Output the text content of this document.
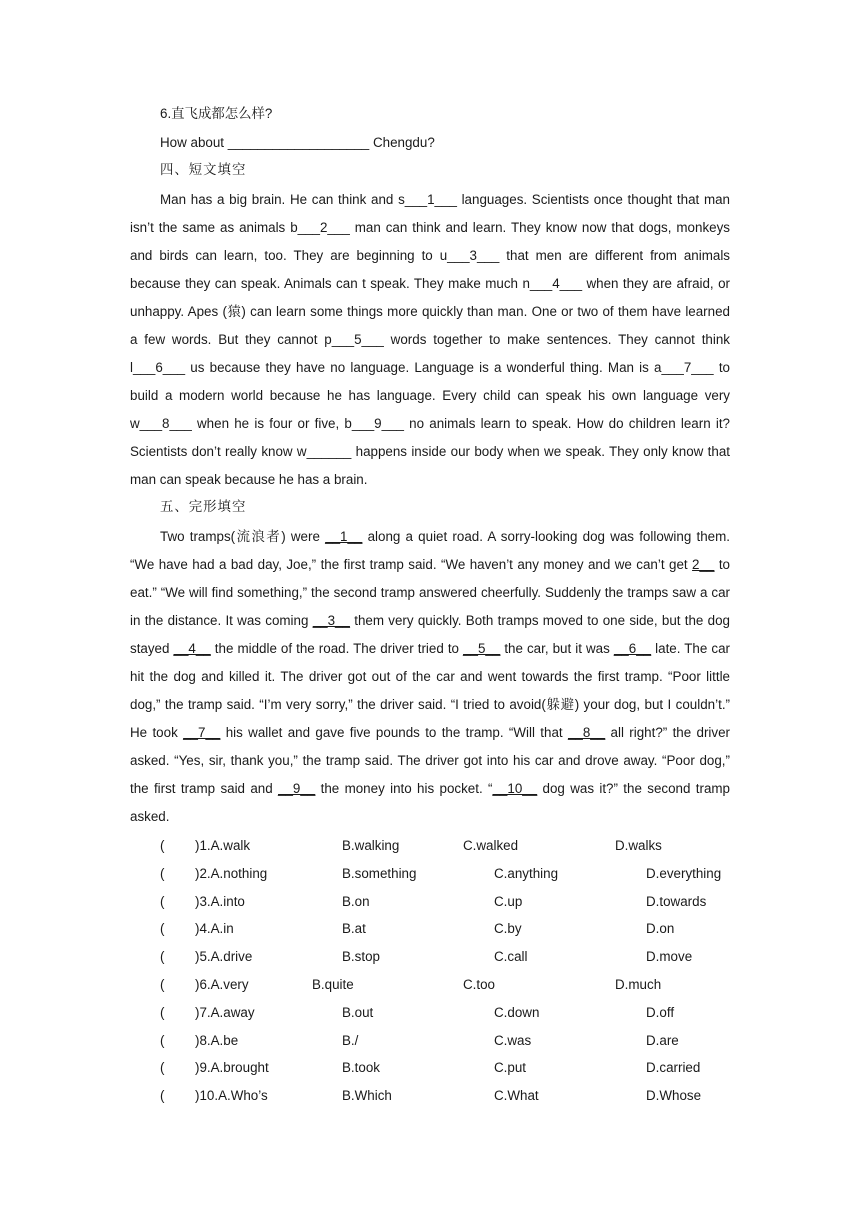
6.直飞成都怎么样?
How about ___________________ Chengdu?
四、短文填空
Man has a big brain. He can think and s___1___ languages. Scientists once thought that man isn’t the same as animals b___2___ man can think and learn. They know now that dogs, monkeys and birds can learn, too. They are beginning to u___3___ that men are different from animals because they can speak. Animals can t speak. They make much n___4___ when they are afraid, or unhappy. Apes (猿) can learn some things more quickly than man. One or two of them have learned a few words. But they cannot p___5___ words together to make sentences. They cannot think l___6___ us because they have no language. Language is a wonderful thing. Man is a___7___ to build a modern world because he has language. Every child can speak his own language very w___8___ when he is four or five, b___9___ no animals learn to speak. How do children learn it? Scientists don’t really know w______ happens inside our body when we speak. They only know that man can speak because he has a brain.
五、完形填空
Two tramps(流浪者) were __1__ along a quiet road. A sorry-looking dog was following them. “We have had a bad day, Joe,” the first tramp said. “We haven’t any money and we can’t get 2__ to eat.” “We will find something,” the second tramp answered cheerfully. Suddenly the tramps saw a car in the distance. It was coming __3__ them very quickly. Both tramps moved to one side, but the dog stayed __4__ the middle of the road. The driver tried to __5__ the car, but it was __6__ late. The car hit the dog and killed it. The driver got out of the car and went towards the first tramp. “Poor little dog,” the tramp said. “I’m very sorry,” the driver said. “I tried to avoid(躲避) your dog, but I couldn’t.” He took __7__ his wallet and gave five pounds to the tramp. “Will that __8__ all right?” the driver asked. “Yes, sir, thank you,” the tramp said. The driver got into his car and drove away. “Poor dog,” the first tramp said and __9__ the money into his pocket. “__10__ dog was it?” the second tramp asked.
( )1.A.walk	B.walking	C.walked	D.walks
( )2.A.nothing	B.something	C.anything	D.everything
( )3.A.into	B.on	C.up	D.towards
( )4.A.in	B.at	C.by	D.on
( )5.A.drive	B.stop	C.call	D.move
( )6.A.very	B.quite	C.too	D.much
( )7.A.away	B.out	C.down	D.off
( )8.A.be	B./	C.was	D.are
( )9.A.brought	B.took	C.put	D.carried
( )10.A.Who’s	B.Which	C.What	D.Whose
